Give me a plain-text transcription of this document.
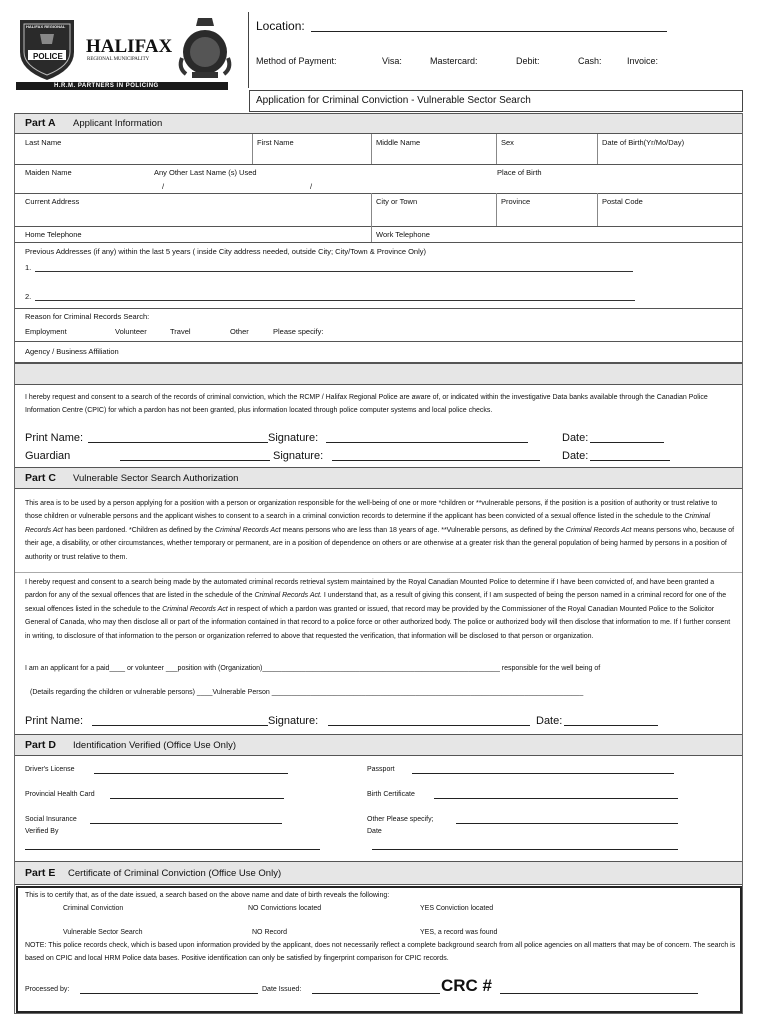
POLICE
HALIFAX REGIONAL
HALIFAX
REGIONAL MUNICIPALITY
H.R.M. PARTNERS IN POLICING
Location:
Method of Payment:	Visa:	Mastercard:	Debit:	Cash:	Invoice:
Application for Criminal Conviction - Vulnerable Sector Search
Part A Applicant Information
Last Name	First Name	Middle Name	Sex	Date of Birth(Yr/Mo/Day)
Maiden Name	Any Other Last Name (s) Used	Place of Birth
/	/
Current Address	City or Town	Province	Postal Code
Home Telephone	Work Telephone
Previous Addresses (if any) within the last 5 years ( inside City address needed, outside City; City/Town & Province Only)
1.
2.
Reason for Criminal Records Search:
Employment	Volunteer	Travel	Other	Please specify:
Agency / Business Affiliation
I hereby request and consent to a search of the records of criminal conviction, which the RCMP / Halifax Regional Police are aware of, or indicated within the investigative Data banks available through the Canadian Police Information Centre (CPIC) for which a pardon has not been granted, plus information located through police computer systems and local police checks.
Print Name:	Signature:	Date:
Guardian	Signature:	Date:
Part C Vulnerable Sector Search Authorization
This area is to be used by a person applying for a position with a person or organization responsible for the well-being of one or more *children or **vulnerable persons, if the position is a position of authority or trust relative to those children or vulnerable persons and the applicant wishes to consent to a search in a criminal conviction records to determine if the applicant has been convicted of a sexual offence listed in the schedule to the Criminal Records Act has been pardoned. *Children as defined by the Criminal Records Act means persons who are less than 18 years of age. **Vulnerable persons, as defined by the Criminal Records Act means persons who, because of their age, a disability, or other circumstances, whether temporary or permanent, are in a position of dependence on others or are otherwise at a greater risk than the general population of being harmed by persons in a position of authority or trust relative to them.
I hereby request and consent to a search being made by the automated criminal records retrieval system maintained by the Royal Canadian Mounted Police to determine if I have been convicted of, and have been granted a pardon for any of the sexual offences that are listed in the schedule of the Criminal Records Act. I understand that, as a result of giving this consent, if I am suspected of being the person named in a criminal record for one of the sexual offences listed in the schedule to the Criminal Records Act in respect of which a pardon was granted or issued, that record may be provided by the Commissioner of the Royal Canadian Mounted Police to the Solicitor General of Canada, who may then disclose all or part of the information contained in that record to a police force or other authorized body. The police or authorized body will then disclose that information to me. If I further consent in writing, to disclosure of that information to the person or organization referred to above that requested the verification, that information will be disclosed to that person or organization.
I am an applicant for a paid____ or volunteer ___position with (Organization)_____________________________________________________________ responsible for the well being of
(Details regarding the children or vulnerable persons) ____Vulnerable Person ________________________________________________________________________________
Print Name:	Signature:	Date:
Part D Identification Verified (Office Use Only)
Driver's License	Passport
Provincial Health Card	Birth Certificate
Social Insurance	Other Please specify;
Verified By	Date
Part E Certificate of Criminal Conviction (Office Use Only)
This is to certify that, as of the date issued, a search based on the above name and date of birth reveals the following:
Criminal Conviction	NO Convictions located	YES Conviction located
Vulnerable Sector Search	NO Record	YES, a record was found
NOTE: This police records check, which is based upon information provided by the applicant, does not necessarily reflect a complete background search from all police agencies on all matters that may be of concern. The search is based on CPIC and local HRM Police data bases. Positive identification can only be satisfied by fingerprint comparison for CPIC records.
Processed by:	Date Issued:	CRC #
